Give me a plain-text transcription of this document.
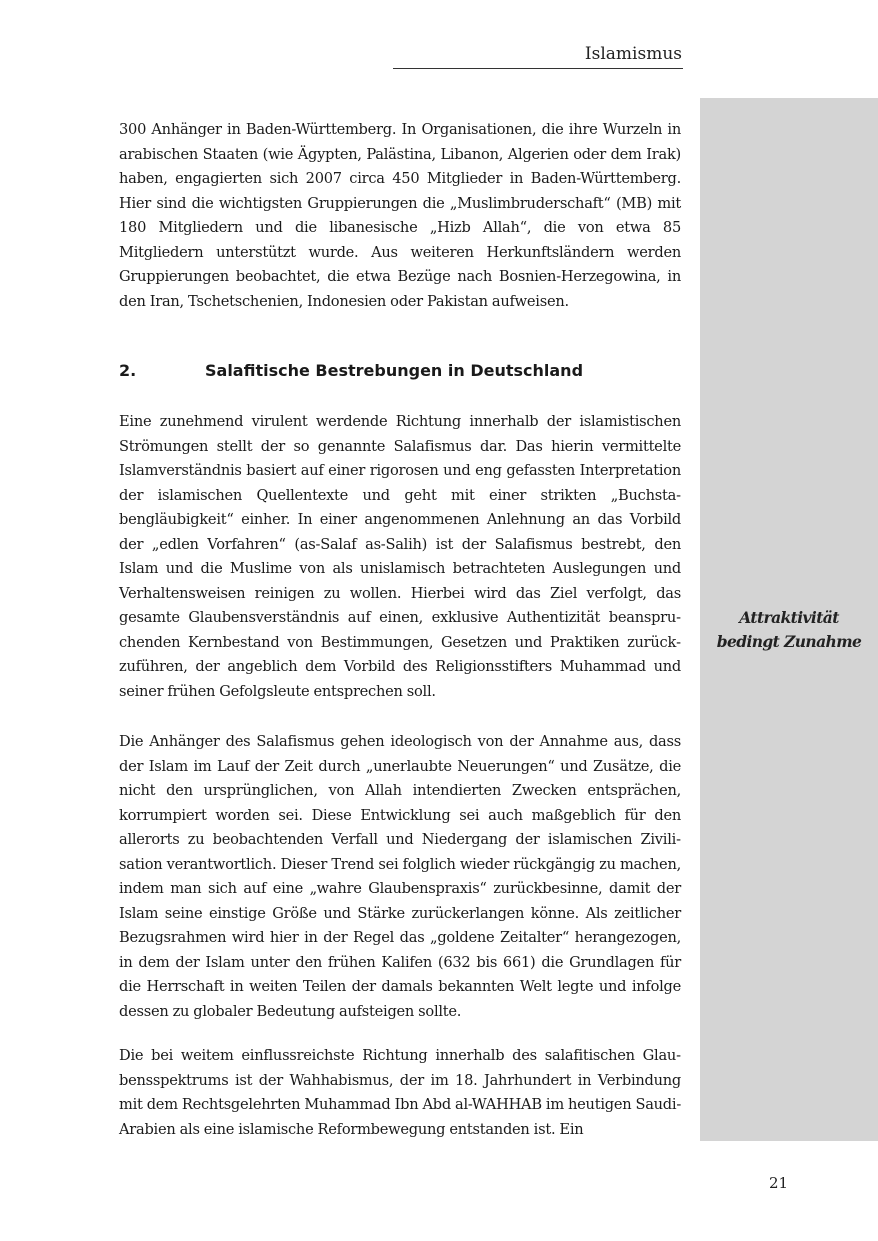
Islamismus
Attraktivität
bedingt Zunahme

300 Anhänger in Baden-Württemberg. In Organisationen, die ihre Wurzeln in arabischen Staaten (wie Ägypten, Palästina, Libanon, Algerien oder dem Irak) haben, engagierten sich 2007 circa 450 Mitglieder in Baden-Württemberg. Hier sind die wichtigsten Gruppierungen die „Muslimbruderschaft“ (MB) mit 180 Mitgliedern und die libanesische „Hizb Allah“, die von etwa 85 Mitgliedern unterstützt wurde. Aus weiteren Herkunftsländern werden Gruppierungen beobachtet, die etwa Bezüge nach Bosnien-Herzegowina, in den Iran, Tschetschenien, Indonesien oder Pakistan aufweisen.

2.	Salafitische Bestrebungen in Deutschland

Eine zunehmend virulent werdende Richtung innerhalb der islamistischen Strömungen stellt der so genannte Salafismus dar. Das hierin vermittelte Islamverständnis basiert auf einer rigorosen und eng gefassten Interpretation der islamischen Quellentexte und geht mit einer strikten „Buchstabengläubigkeit“ einher. In einer angenommenen Anlehnung an das Vorbild der „edlen Vorfahren“ (as-Salaf as-Salih) ist der Salafismus bestrebt, den Islam und die Muslime von als unislamisch betrachteten Auslegungen und Verhaltensweisen reinigen zu wollen. Hierbei wird das Ziel verfolgt, das gesamte Glaubensverständnis auf einen, exklusive Authentizität beanspruchenden Kernbestand von Bestimmungen, Gesetzen und Praktiken zurückzuführen, der angeblich dem Vorbild des Religionsstifters Muhammad und seiner frühen Gefolgsleute entsprechen soll.

Die Anhänger des Salafismus gehen ideologisch von der Annahme aus, dass der Islam im Lauf der Zeit durch „unerlaubte Neuerungen“ und Zusätze, die nicht den ursprünglichen, von Allah intendierten Zwecken entsprächen, korrumpiert worden sei. Diese Entwicklung sei auch maßgeblich für den allerorts zu beobachtenden Verfall und Niedergang der islamischen Zivilisation verantwortlich. Dieser Trend sei folglich wieder rückgängig zu machen, indem man sich auf eine „wahre Glaubenspraxis“ zurückbesinne, damit der Islam seine einstige Größe und Stärke zurückerlangen könne. Als zeitlicher Bezugsrahmen wird hier in der Regel das „goldene Zeitalter“ herangezogen, in dem der Islam unter den frühen Kalifen (632 bis 661) die Grundlagen für die Herrschaft in weiten Teilen der damals bekannten Welt legte und infolge dessen zu globaler Bedeutung aufsteigen sollte.

Die bei weitem einflussreichste Richtung innerhalb des salafitischen Glaubensspektrums ist der Wahhabismus, der im 18. Jahrhundert in Verbindung mit dem Rechtsgelehrten Muhammad Ibn Abd al-WAHHAB im heutigen Saudi-Arabien als eine islamische Reformbewegung entstanden ist. Ein

21
